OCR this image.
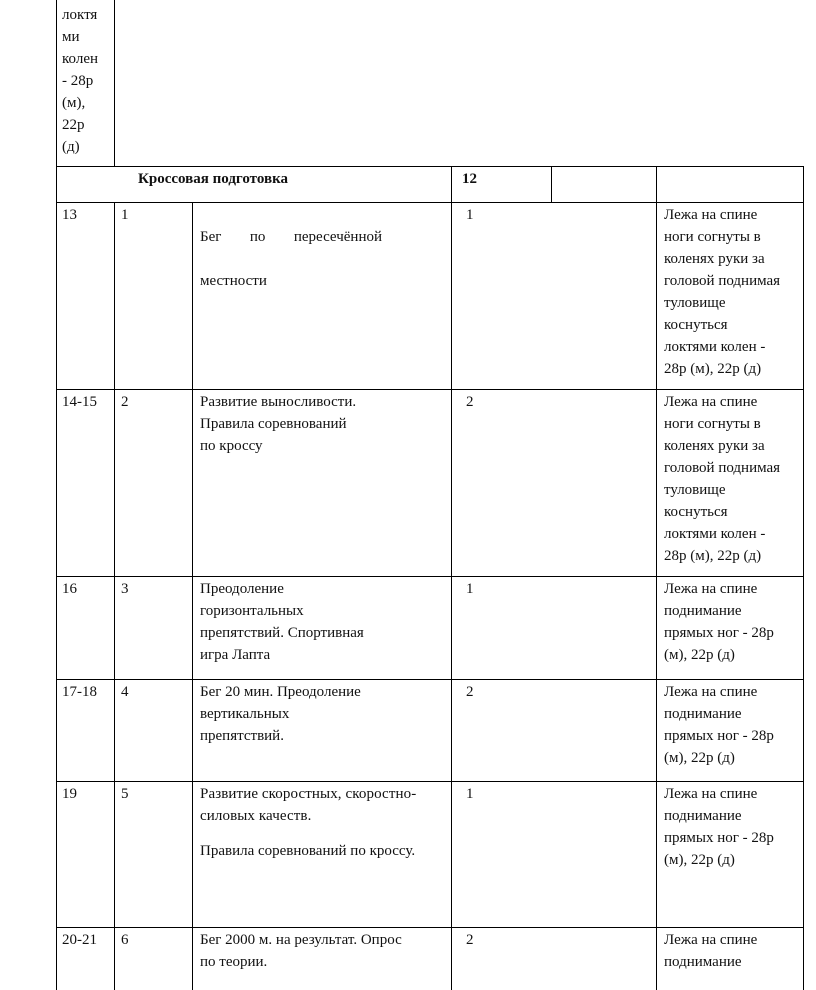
локтя
ми
колен
- 28р
(м),
22р
(д)
Кроссовая подготовка	12
13	1

Бег по пересечённой

местности

1	Лежа на спине
ноги согнуты в
коленях руки за
головой поднимая
туловище
коснуться
локтями колен -
28р (м), 22р (д)
14-15	2	Развитие выносливости.
Правила соревнований
по кроссу
2	Лежа на спине
ноги согнуты в
коленях руки за
головой поднимая
туловище
коснуться
локтями колен -
28р (м), 22р (д)
16	3	Преодоление
горизонтальных
препятствий. Спортивная
игра Лапта
1	Лежа на спине
поднимание
прямых ног - 28р
(м), 22р (д)
17-18	4	Бег 20 мин. Преодоление
вертикальных
препятствий.
2	Лежа на спине
поднимание
прямых ног - 28р
(м), 22р (д)
19	5	Развитие скоростных, скоростно-
силовых качеств.
Правила соревнований по кроссу.
1	Лежа на спине
поднимание
прямых ног - 28р
(м), 22р (д)
20-21	6	Бег 2000 м. на результат. Опрос
по теории.
2	Лежа на спине
поднимание
